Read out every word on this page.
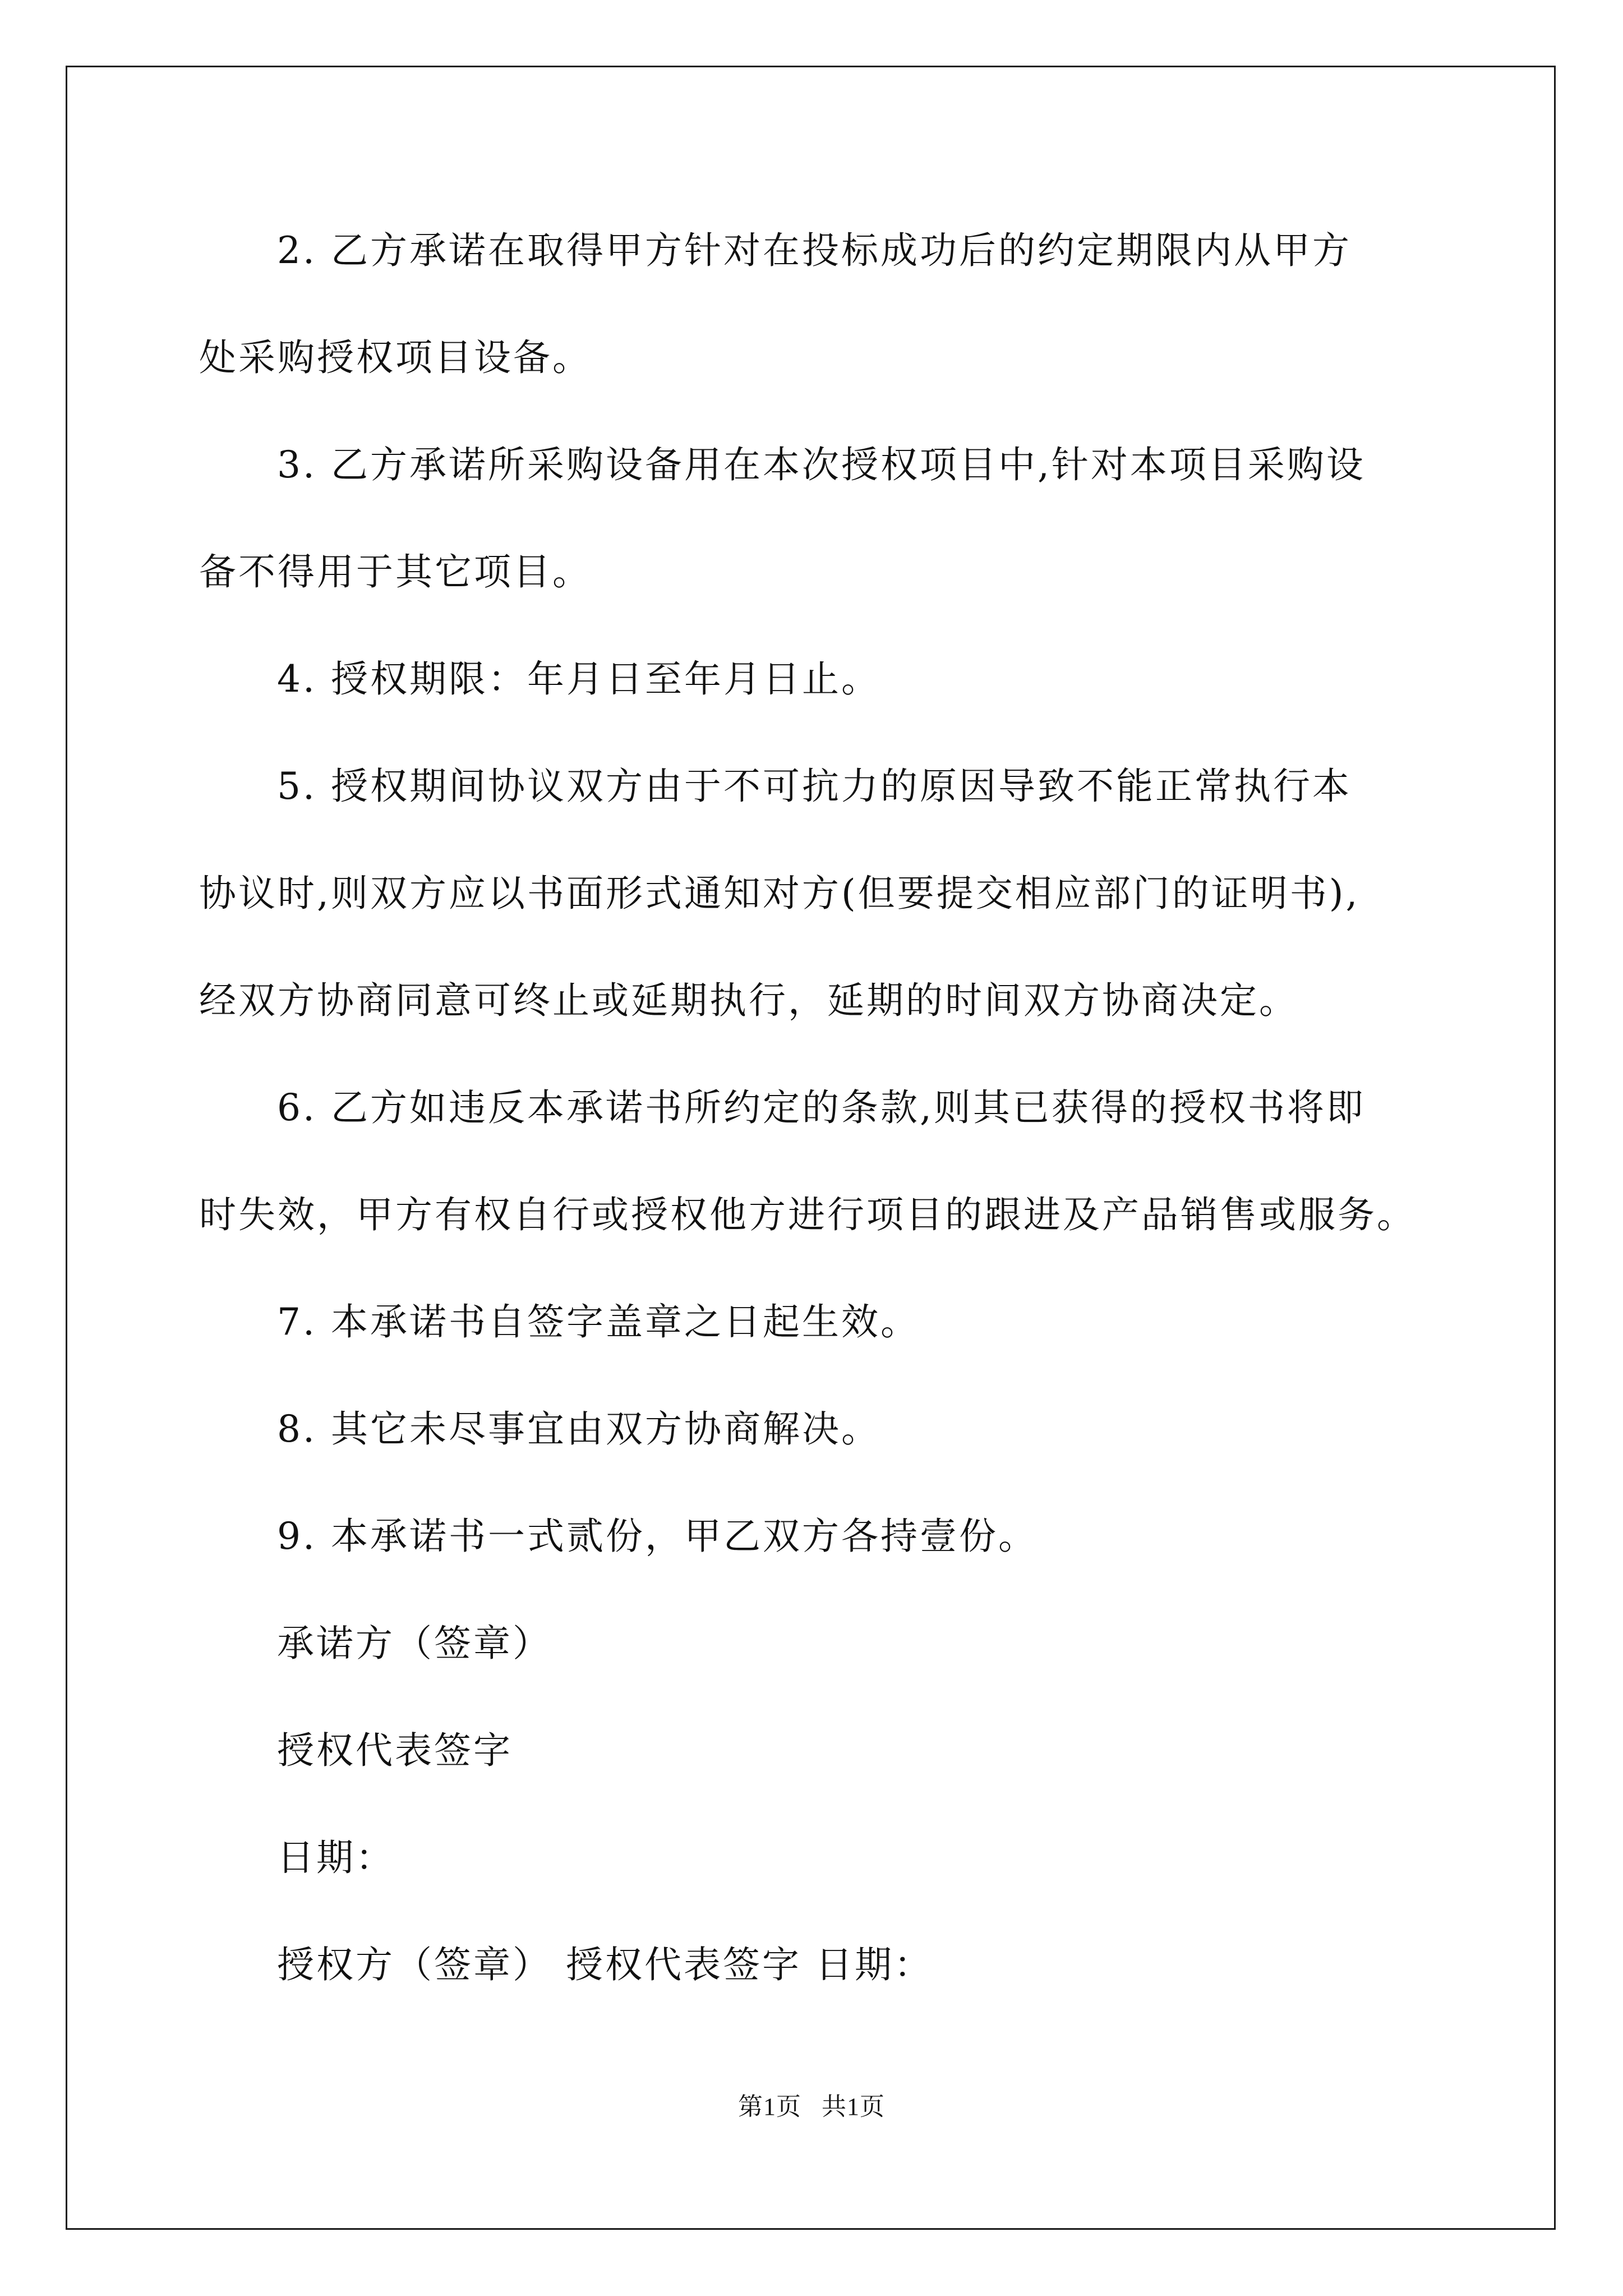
2. 乙方承诺在取得甲方针对在投标成功后的约定期限内从甲方
处采购授权项目设备。
3. 乙方承诺所采购设备用在本次授权项目中,针对本项目采购设
备不得用于其它项目。
4. 授权期限：年月日至年月日止。
5. 授权期间协议双方由于不可抗力的原因导致不能正常执行本
协议时,则双方应以书面形式通知对方(但要提交相应部门的证明书),
经双方协商同意可终止或延期执行，延期的时间双方协商决定。
6. 乙方如违反本承诺书所约定的条款,则其已获得的授权书将即
时失效，甲方有权自行或授权他方进行项目的跟进及产品销售或服务。
7. 本承诺书自签字盖章之日起生效。
8. 其它未尽事宜由双方协商解决。
9. 本承诺书一式贰份，甲乙双方各持壹份。
承诺方（签章）
授权代表签字
日期：
授权方（签章） 授权代表签字 日期：
第1页   共1页
